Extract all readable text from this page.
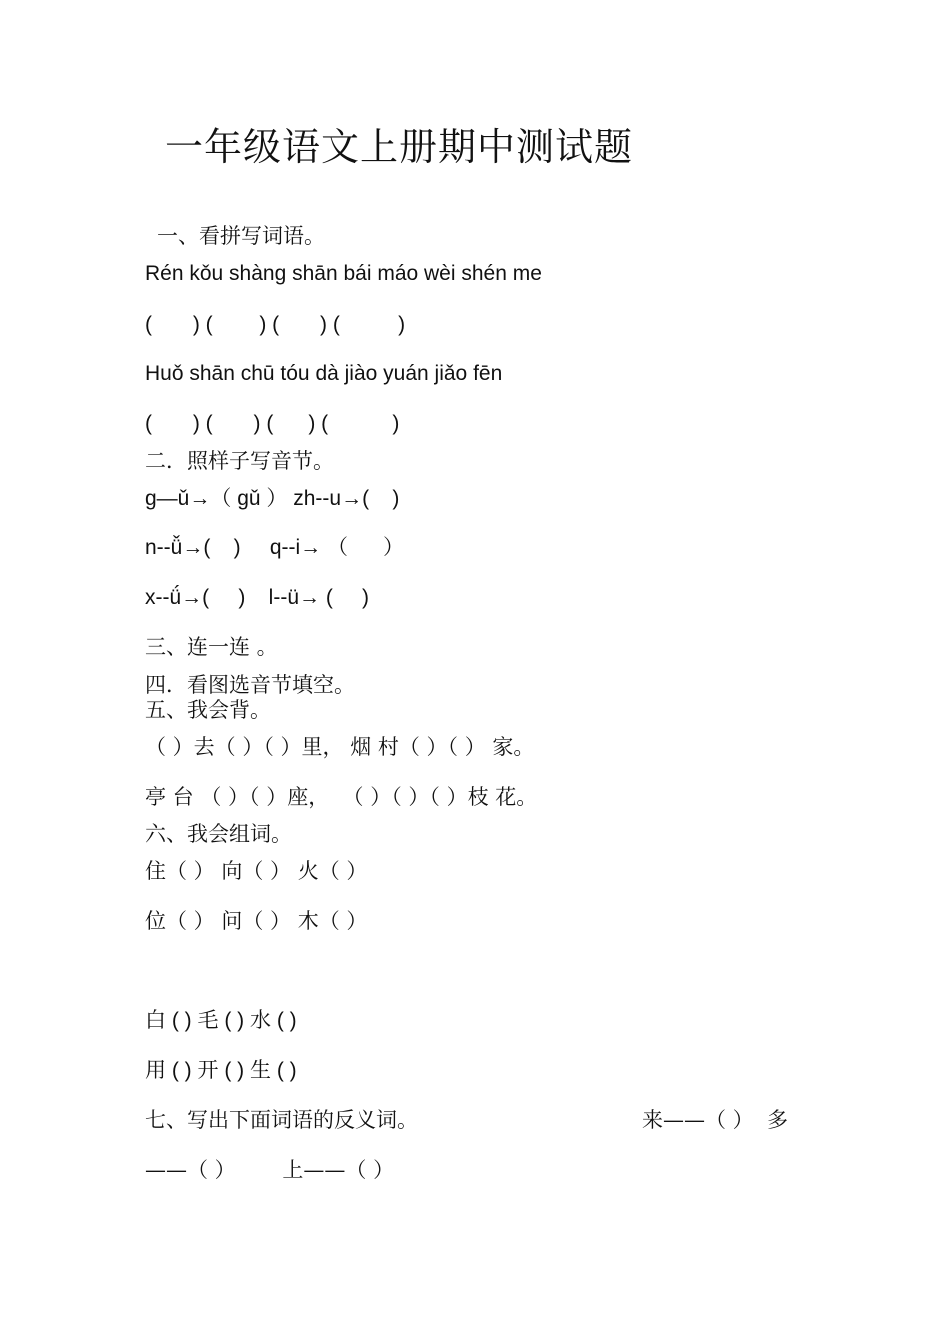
一年级语文上册期中测试题
一、看拼写词语。
Rén kǒu shàng shān bái máo wèi shén me
(       ) (        ) (       ) (          )
Huǒ shān chū tóu dà jiào yuán jiǎo fēn
(       ) (       ) (      ) (           )
二．照样子写音节。
ɡ—ǔ→（ ɡǔ ） zh--u→(    )
n--ǚ→(    )     q--i→ （      ）
x--ǘ→(     )    l--ü→ (     )
三、连一连 。
四．看图选音节填空。
五、我会背。
（ ）去（ ）（ ）里， 烟 村（ ）（ ） 家。
亭 台 （ ）（ ）座，  （ ）（ ）（ ）枝 花。
六、我会组词。
住（ ） 向（ ） 火（ ）
位（ ） 问（ ） 木（ ）
白 ( ) 毛 ( ) 水 ( )
用 ( ) 开 ( ) 生 ( )
七、写出下面词语的反义词。	来——（ ）  多
——（ ）       上——（ ）
